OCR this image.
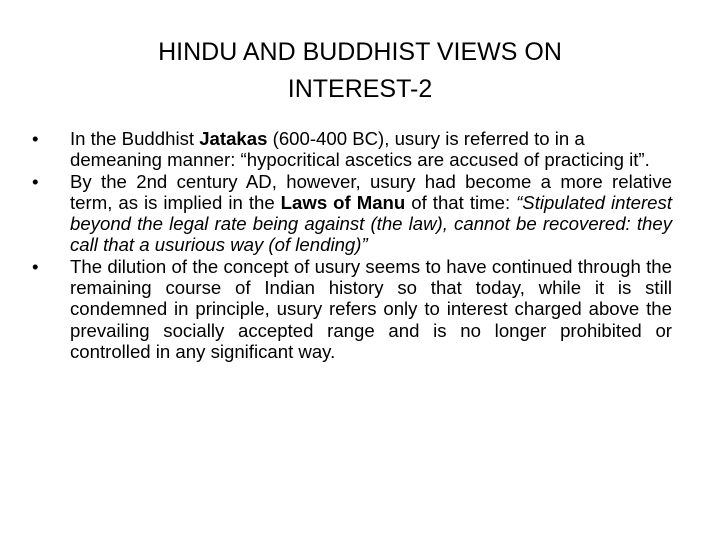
HINDU AND BUDDHIST VIEWS ON
INTEREST-2
•	In the Buddhist Jatakas (600-400 BC), usury is referred to in a demeaning manner: “hypocritical ascetics are accused of practicing it”.
•	By the 2nd century AD, however, usury had become a more relative term, as is implied in the Laws of Manu of that time: “Stipulated interest beyond the legal rate being against (the law), cannot be recovered: they call that a usurious way (of lending)”
•	The dilution of the concept of usury seems to have continued through the remaining course of Indian history so that today, while it is still condemned in principle, usury refers only to interest charged above the prevailing socially accepted range and is no longer prohibited or controlled in any significant way.
